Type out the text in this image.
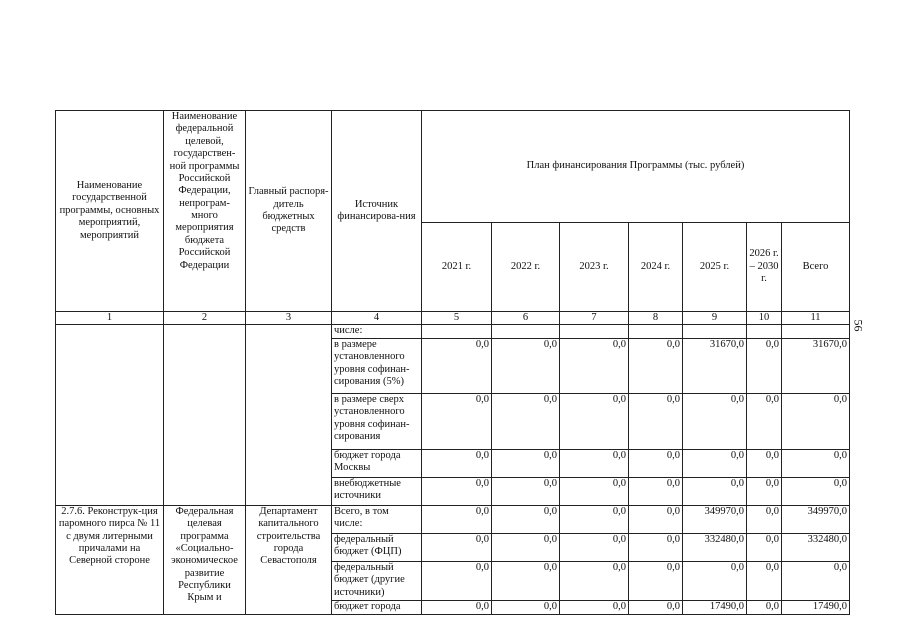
56
Наименование государственной программы, основных мероприятий, мероприятий	Наименование федеральной целевой, государствен-ной программы Российской Федерации, непрограм-много мероприятия бюджета Российской Федерации	Главный распоря-дитель бюджетных средств	Источник финансирова-ния	План финансирования Программы (тыс. рублей)						
				2021 г.	2022 г.	2023 г.	2024 г.	2025 г.	2026 г. – 2030 г.	Всего
1	2	3	4	5	6	7	8	9	10	11
			числе:							
			в размере установленного уровня софинан-сирования (5%)	0,0	0,0	0,0	0,0	31670,0	0,0	31670,0
			в размере сверх установленного уровня софинан-сирования	0,0	0,0	0,0	0,0	0,0	0,0	0,0
			бюджет города Москвы	0,0	0,0	0,0	0,0	0,0	0,0	0,0
			внебюджетные источники	0,0	0,0	0,0	0,0	0,0	0,0	0,0
2.7.6. Реконструк-ция паромного пирса № 11 с двумя литерными причалами на Северной стороне	Федеральная целевая программа «Социально-экономическое развитие Республики Крым и	Департамент капитального строительства города Севастополя	Всего, в том числе:	0,0	0,0	0,0	0,0	349970,0	0,0	349970,0
			федеральный бюджет (ФЦП)	0,0	0,0	0,0	0,0	332480,0	0,0	332480,0
			федеральный бюджет (другие источники)	0,0	0,0	0,0	0,0	0,0	0,0	0,0
			бюджет города	0,0	0,0	0,0	0,0	17490,0	0,0	17490,0
